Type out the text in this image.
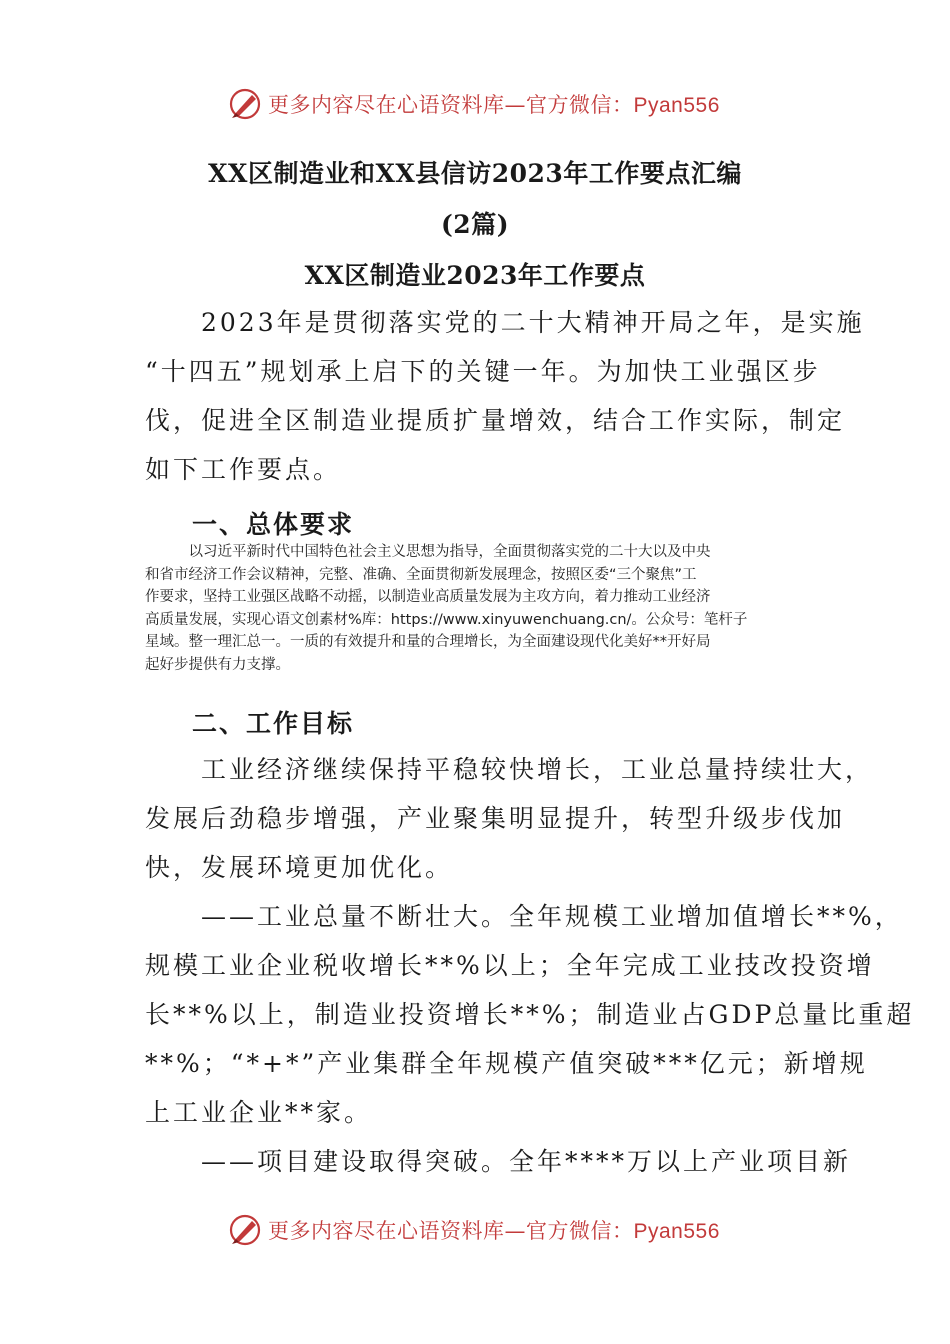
更多内容尽在心语资料库—官方微信：Pyan556
XX区制造业和XX县信访2023年工作要点汇编
(2篇)
XX区制造业2023年工作要点

　　2023年是贯彻落实党的二十大精神开局之年，是实施
“十四五”规划承上启下的关键一年。为加快工业强区步
伐，促进全区制造业提质扩量增效，结合工作实际，制定
如下工作要点。

一、总体要求

　　　以习近平新时代中国特色社会主义思想为指导，全面贯彻落实党的二十大以及中央
和省市经济工作会议精神，完整、准确、全面贯彻新发展理念，按照区委“三个聚焦”工
作要求，坚持工业强区战略不动摇，以制造业高质量发展为主攻方向，着力推动工业经济
高质量发展，实现心语文创素材%库：https://www.xinyuwenchuang.cn/。公众号：笔杆子
星域。整一理汇总一。一质的有效提升和量的合理增长，为全面建设现代化美好**开好局
起好步提供有力支撑。

二、工作目标

　　工业经济继续保持平稳较快增长，工业总量持续壮大，
发展后劲稳步增强，产业聚集明显提升，转型升级步伐加
快，发展环境更加优化。

　　——工业总量不断壮大。全年规模工业增加值增长**%，
规模工业企业税收增长**%以上；全年完成工业技改投资增
长**%以上，制造业投资增长**%；制造业占GDP总量比重超
**%；“*+*”产业集群全年规模产值突破***亿元；新增规
上工业企业**家。

　　——项目建设取得突破。全年****万以上产业项目新

更多内容尽在心语资料库—官方微信：Pyan556
